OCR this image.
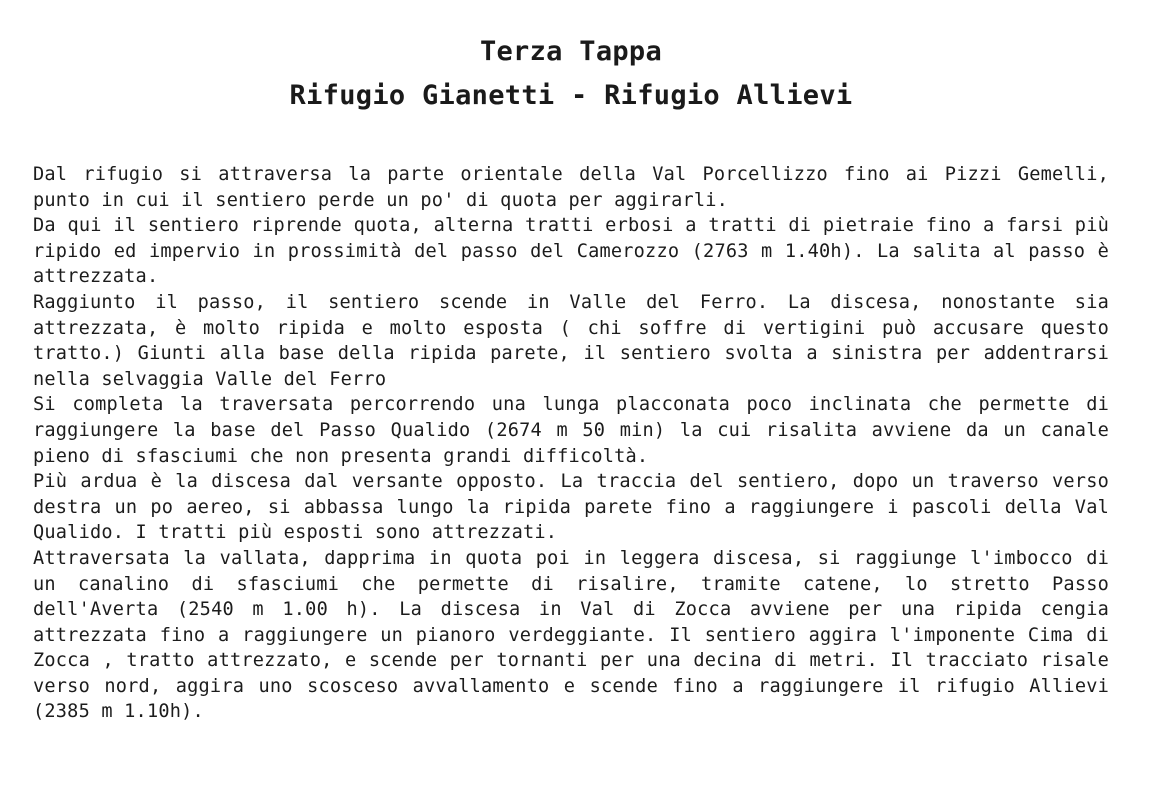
Terza Tappa
Rifugio Gianetti - Rifugio Allievi

Dal rifugio si attraversa la parte orientale della Val Porcellizzo fino ai Pizzi Gemelli, punto in cui il sentiero perde un po' di quota per aggirarli.

Da qui il sentiero riprende quota, alterna tratti erbosi a tratti di pietraie fino a farsi più ripido ed impervio in prossimità del passo del Camerozzo (2763 m 1.40h). La salita al passo è attrezzata.

Raggiunto il passo, il sentiero scende in Valle del Ferro. La discesa, nonostante sia attrezzata, è molto ripida e molto esposta ( chi soffre di vertigini può accusare questo tratto.) Giunti alla base della ripida parete, il sentiero svolta a sinistra per addentrarsi nella selvaggia Valle del Ferro

Si completa la traversata percorrendo una lunga placconata poco inclinata che permette di raggiungere la base del Passo Qualido (2674 m 50 min) la cui risalita avviene da un canale pieno di sfasciumi che non presenta grandi difficoltà.

Più ardua è la discesa dal versante opposto. La traccia del sentiero, dopo un traverso verso destra un po aereo, si abbassa lungo la ripida parete fino a raggiungere i pascoli della Val Qualido. I tratti più esposti sono attrezzati.

Attraversata la vallata, dapprima in quota poi in leggera discesa, si raggiunge l'imbocco di un canalino di sfasciumi che permette di risalire, tramite catene, lo stretto Passo dell'Averta (2540 m 1.00 h). La discesa in Val di Zocca avviene per una ripida cengia attrezzata fino a raggiungere un pianoro verdeggiante. Il sentiero aggira l'imponente Cima di Zocca , tratto attrezzato, e scende per tornanti per una decina di metri. Il tracciato risale verso nord, aggira uno scosceso avvallamento e scende fino a raggiungere il rifugio Allievi (2385 m 1.10h).
